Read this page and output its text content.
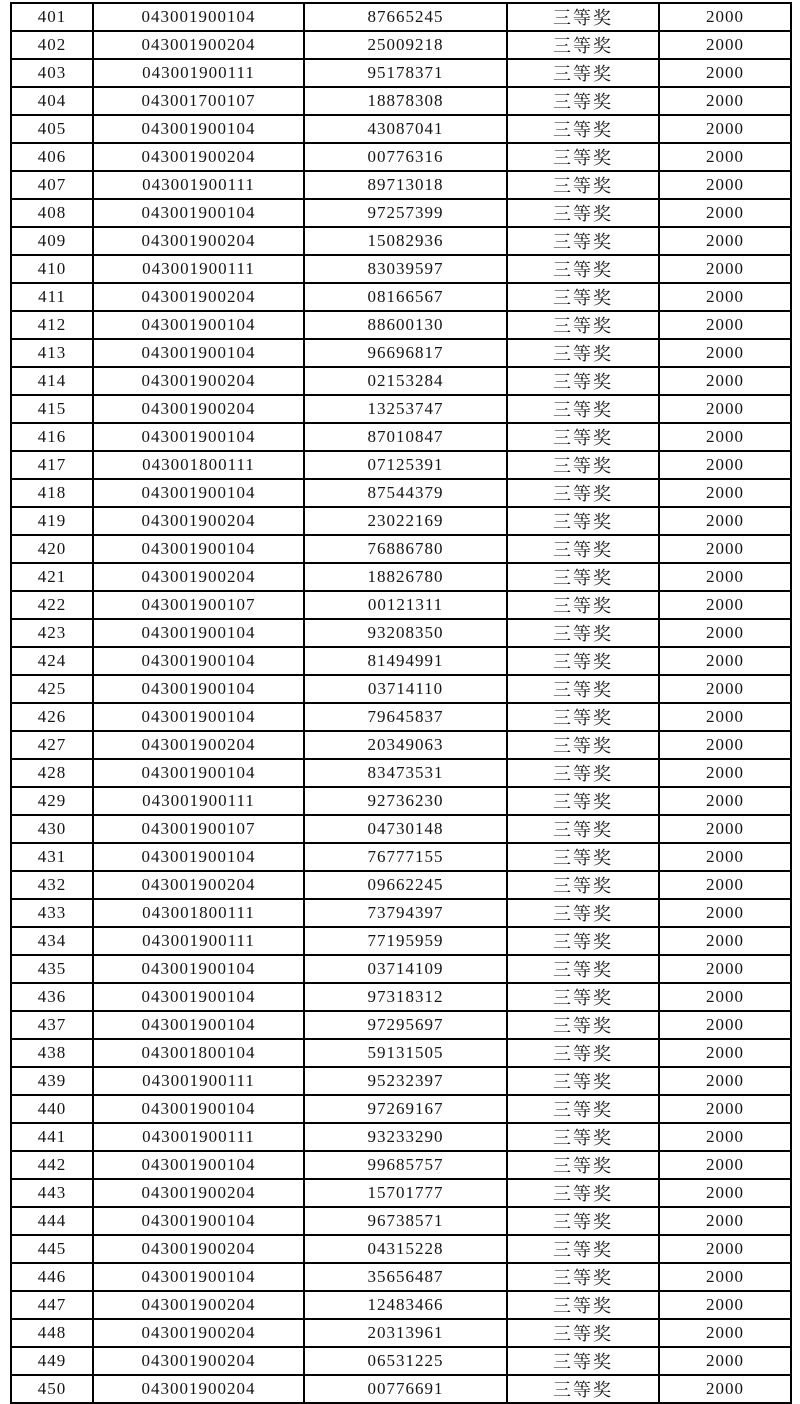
401	043001900104	87665245	三等奖	2000
402	043001900204	25009218	三等奖	2000
403	043001900111	95178371	三等奖	2000
404	043001700107	18878308	三等奖	2000
405	043001900104	43087041	三等奖	2000
406	043001900204	00776316	三等奖	2000
407	043001900111	89713018	三等奖	2000
408	043001900104	97257399	三等奖	2000
409	043001900204	15082936	三等奖	2000
410	043001900111	83039597	三等奖	2000
411	043001900204	08166567	三等奖	2000
412	043001900104	88600130	三等奖	2000
413	043001900104	96696817	三等奖	2000
414	043001900204	02153284	三等奖	2000
415	043001900204	13253747	三等奖	2000
416	043001900104	87010847	三等奖	2000
417	043001800111	07125391	三等奖	2000
418	043001900104	87544379	三等奖	2000
419	043001900204	23022169	三等奖	2000
420	043001900104	76886780	三等奖	2000
421	043001900204	18826780	三等奖	2000
422	043001900107	00121311	三等奖	2000
423	043001900104	93208350	三等奖	2000
424	043001900104	81494991	三等奖	2000
425	043001900104	03714110	三等奖	2000
426	043001900104	79645837	三等奖	2000
427	043001900204	20349063	三等奖	2000
428	043001900104	83473531	三等奖	2000
429	043001900111	92736230	三等奖	2000
430	043001900107	04730148	三等奖	2000
431	043001900104	76777155	三等奖	2000
432	043001900204	09662245	三等奖	2000
433	043001800111	73794397	三等奖	2000
434	043001900111	77195959	三等奖	2000
435	043001900104	03714109	三等奖	2000
436	043001900104	97318312	三等奖	2000
437	043001900104	97295697	三等奖	2000
438	043001800104	59131505	三等奖	2000
439	043001900111	95232397	三等奖	2000
440	043001900104	97269167	三等奖	2000
441	043001900111	93233290	三等奖	2000
442	043001900104	99685757	三等奖	2000
443	043001900204	15701777	三等奖	2000
444	043001900104	96738571	三等奖	2000
445	043001900204	04315228	三等奖	2000
446	043001900104	35656487	三等奖	2000
447	043001900204	12483466	三等奖	2000
448	043001900204	20313961	三等奖	2000
449	043001900204	06531225	三等奖	2000
450	043001900204	00776691	三等奖	2000
